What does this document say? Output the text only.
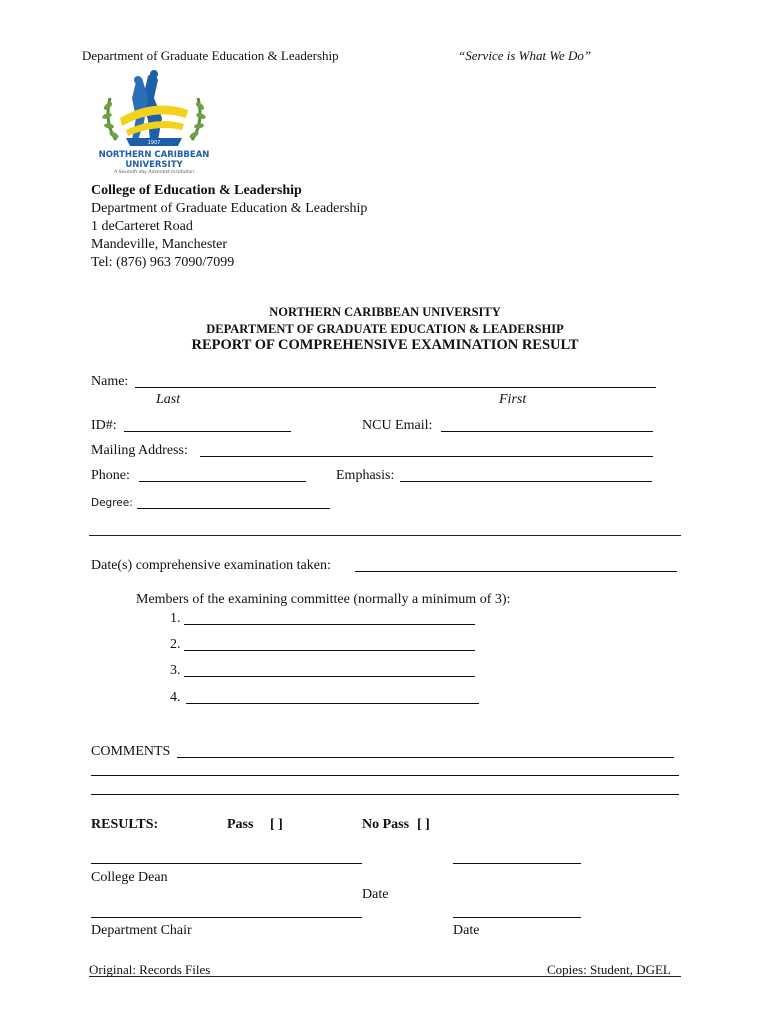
Department of Graduate Education & Leadership	“Service is What We Do”
1907
NORTHERN CARIBBEAN
UNIVERSITY
A Seventh-day Adventist Institution
College of Education & Leadership
Department of Graduate Education & Leadership
1 deCarteret Road
Mandeville, Manchester
Tel: (876) 963 7090/7099
NORTHERN CARIBBEAN UNIVERSITY
DEPARTMENT OF GRADUATE EDUCATION & LEADERSHIP
REPORT OF COMPREHENSIVE EXAMINATION RESULT
Name:
Last	First
ID#:	NCU Email:
Mailing Address:
Phone:	Emphasis:
Degree:
Date(s) comprehensive examination taken:
Members of the examining committee (normally a minimum of 3):
1.
2.
3.
4.
COMMENTS
RESULTS:	Pass [ ]	No Pass [ ]
College Dean
Date
Department Chair	Date
Original: Records Files	Copies: Student, DGEL
